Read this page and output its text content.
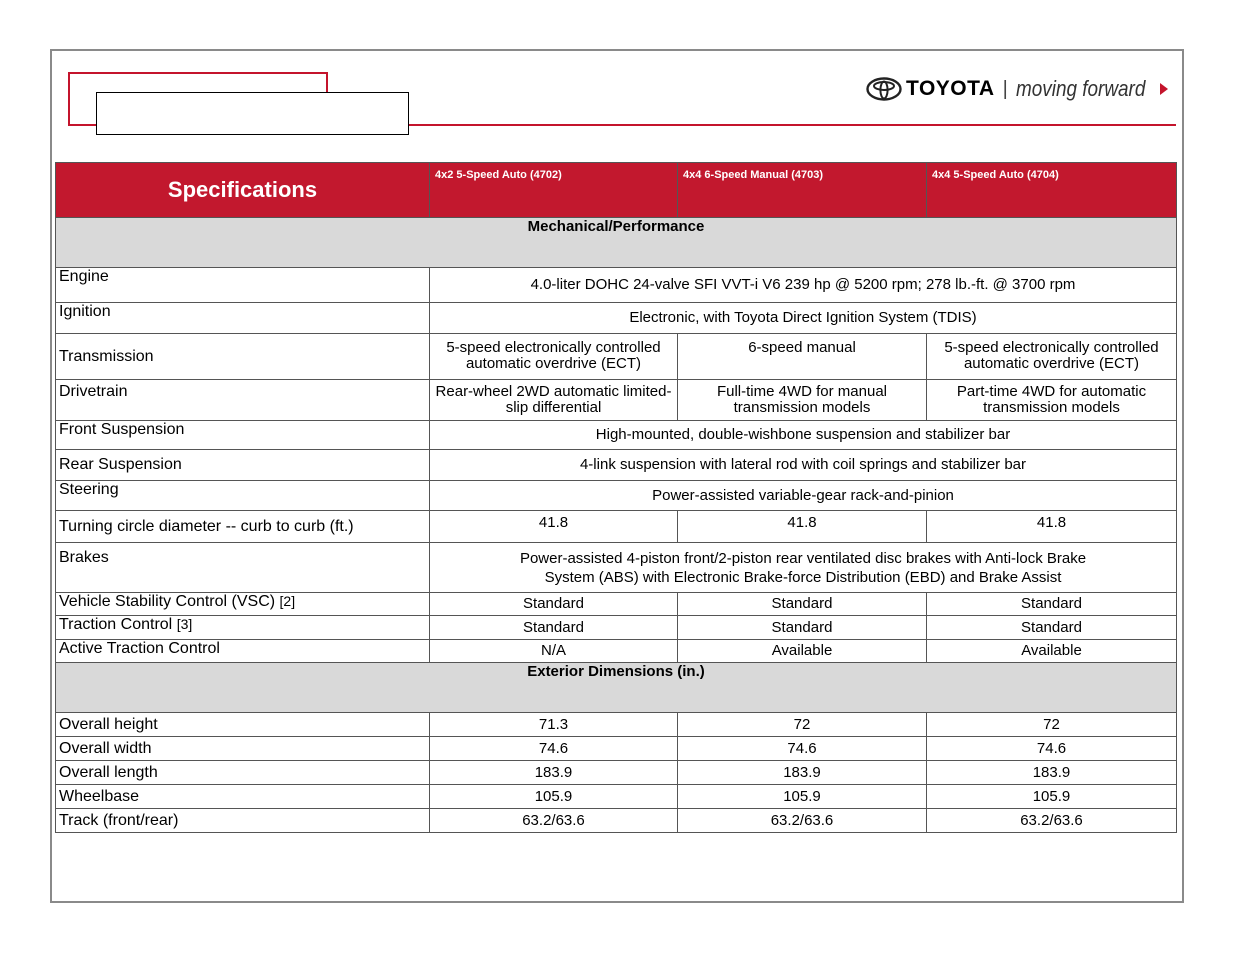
TOYOTA | moving forward
Specifications	4x2 5-Speed Auto (4702)	4x4 6-Speed Manual (4703)	4x4 5-Speed Auto (4704)
Mechanical/Performance			
Engine	4.0-liter DOHC 24-valve SFI VVT-i V6 239 hp @ 5200 rpm; 278 lb.-ft. @ 3700 rpm		
Ignition	Electronic, with Toyota Direct Ignition System (TDIS)		
Transmission	5-speed electronically controlled automatic overdrive (ECT)	6-speed manual	5-speed electronically controlled automatic overdrive (ECT)
Drivetrain	Rear-wheel 2WD automatic limited-slip differential	Full-time 4WD for manual transmission models	Part-time 4WD for automatic transmission models
Front Suspension	High-mounted, double-wishbone suspension and stabilizer bar		
Rear Suspension	4-link suspension with lateral rod with coil springs and stabilizer bar		
Steering	Power-assisted variable-gear rack-and-pinion		
Turning circle diameter -- curb to curb (ft.)	41.8	41.8	41.8
Brakes	Power-assisted 4-piston front/2-piston rear ventilated disc brakes with Anti-lock Brake System (ABS) with Electronic Brake-force Distribution (EBD) and Brake Assist		

Vehicle Stability Control (VSC) [2]	Standard	Standard	Standard
Traction Control [3]	Standard	Standard	Standard
Active Traction Control	N/A	Available	Available
Exterior Dimensions (in.)			
Overall height	71.3	72	72
Overall width	74.6	74.6	74.6
Overall length	183.9	183.9	183.9
Wheelbase	105.9	105.9	105.9
Track (front/rear)	63.2/63.6	63.2/63.6	63.2/63.6
